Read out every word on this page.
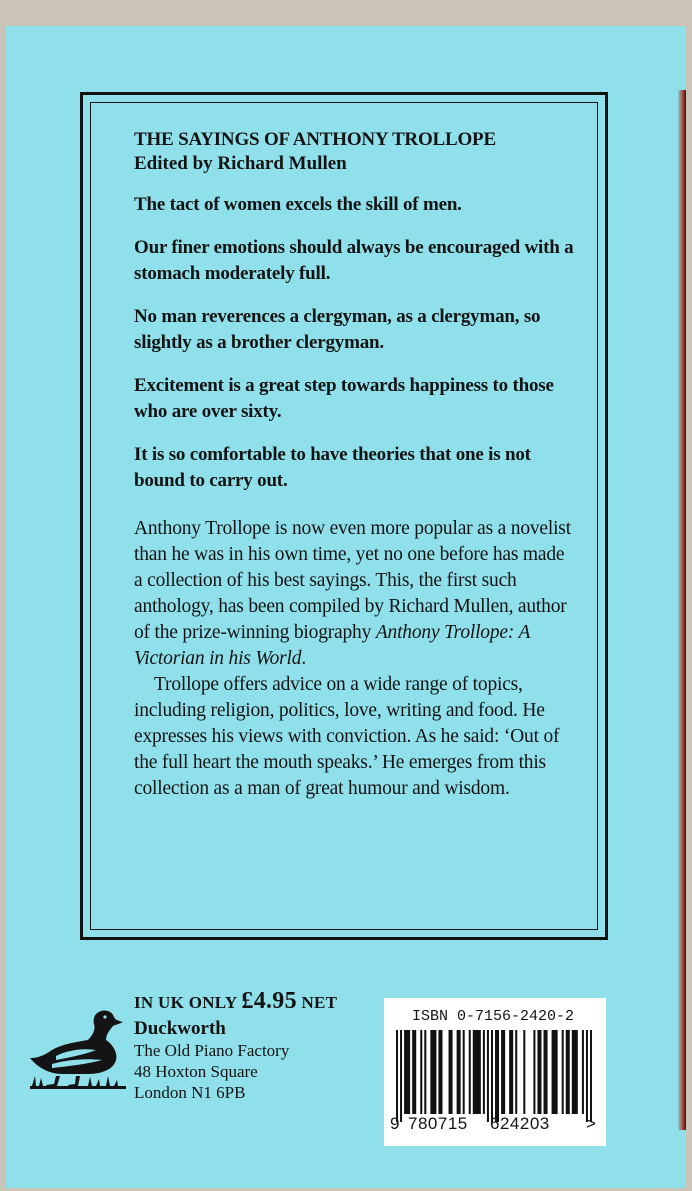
THE SAYINGS OF ANTHONY TROLLOPE

Edited by Richard Mullen

The tact of women excels the skill of men.

Our finer emotions should always be encouraged with a stomach moderately full.

No man reverences a clergyman, as a clergyman, so slightly as a brother clergyman.

Excitement is a great step towards happiness to those who are over sixty.

It is so comfortable to have theories that one is not bound to carry out.

Anthony Trollope is now even more popular as a novelist than he was in his own time, yet no one before has made a collection of his best sayings. This, the first such anthology, has been compiled by Richard Mullen, author of the prize-winning biography Anthony Trollope: A Victorian in his World.

Trollope offers advice on a wide range of topics, including religion, politics, love, writing and food. He expresses his views with conviction. As he said: ‘Out of the full heart the mouth speaks.’ He emerges from this collection as a man of great humour and wisdom.

IN UK ONLY £4.95 NET
Duckworth
The Old Piano Factory
48 Hoxton Square
London N1 6PB
ISBN 0-7156-2420-2
9 780715 624203 >
